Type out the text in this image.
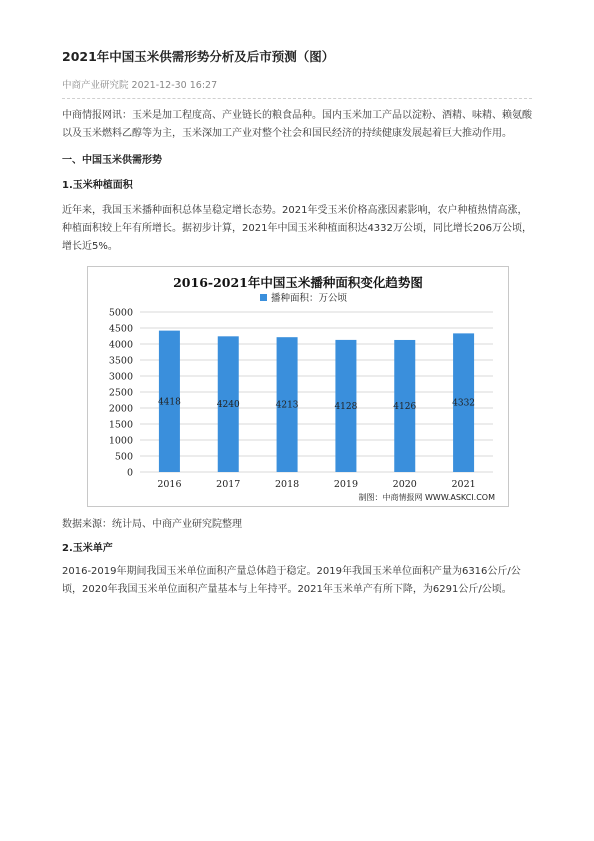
2021年中国玉米供需形势分析及后市预测（图）
中商产业研究院 2021-12-30 16:27

中商情报网讯：玉米是加工程度高、产业链长的粮食品种。国内玉米加工产品以淀粉、酒精、味精、赖氨酸以及玉米燃料乙醇等为主，玉米深加工产业对整个社会和国民经济的持续健康发展起着巨大推动作用。

一、中国玉米供需形势
1.玉米种植面积

近年来，我国玉米播种面积总体呈稳定增长态势。2021年受玉米价格高涨因素影响，农户种植热情高涨，种植面积较上年有所增长。据初步计算，2021年中国玉米种植面积达4332万公顷，同比增长206万公顷，增长近5%。

2016-2021年中国玉米播种面积变化趋势图
播种面积：万公顷
0
500
1000
1500
2000
2500
3000
3500
4000
4500
5000
4418
2016
4240
2017
4213
2018
4128
2019
4126
2020
4332
2021
制图：中商情报网 WWW.ASKCI.COM
数据来源：统计局、中商产业研究院整理
2.玉米单产

2016-2019年期间我国玉米单位面积产量总体趋于稳定。2019年我国玉米单位面积产量为6316公斤/公顷，2020年我国玉米单位面积产量基本与上年持平。2021年玉米单产有所下降，为6291公斤/公顷。
